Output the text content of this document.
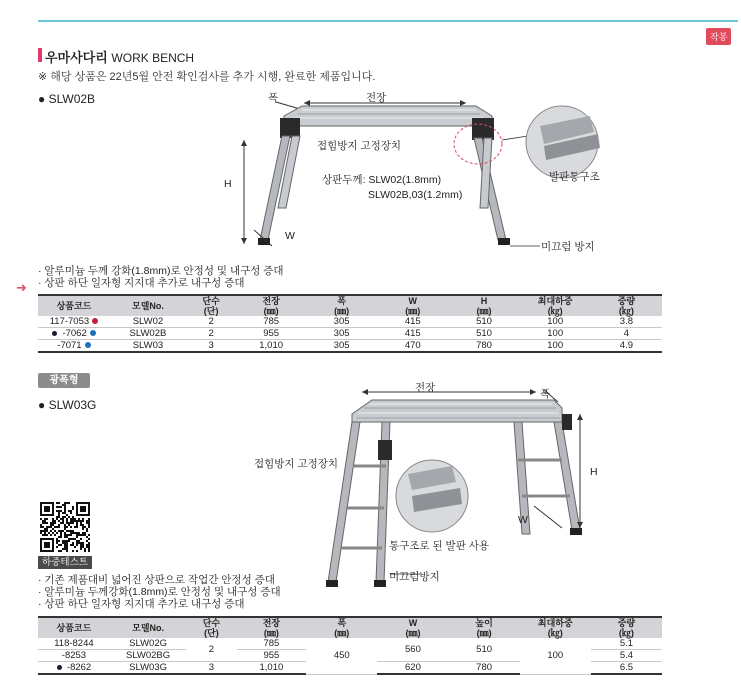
작봉
우마사다리 WORK BENCH
※ 해당 상품은 22년5월 안전 확인검사를 추가 시행, 완료한 제품입니다.
● SLW02B	폭	전장
H
W
접힘방지 고정장치
상판두께: SLW02(1.8mm)
SLW02B,03(1.2mm)
발판통구조
미끄럼 방지
➜
· 알루미늄 두께 강화(1.8mm)로 안정성 및 내구성 증대
· 상판 하단 일자형 지지대 추가로 내구성 증대
상품코드	모델No.	단수
(단)	전장
(㎜)	폭
(㎜)	W
(㎜)	H
(㎜)	최대하중
(㎏)	중량
(㎏)
117-7053	SLW02	2	785	305	415	510	100	3.8
-7062	SLW02B	2	955	305	415	510	100	4
-7071	SLW03	3	1,010	305	470	780	100	4.9
광폭형
● SLW03G
전장	폭
H
W
접힘방지 고정장치
통구조로 된 발판 사용
미끄럼방지
하중테스트
· 기존 제품대비 넓어진 상판으로 작업간 안정성 증대
· 알루미늄 두께강화(1.8mm)로 안정성 및 내구성 증대
· 상판 하단 일자형 지지대 추가로 내구성 증대
상품코드	모델No.	단수
(단)	전장
(㎜)	폭
(㎜)	W
(㎜)	높이
(㎜)	최대하중
(㎏)	중량
(㎏)
118-8244	SLW02G	2	785	450	560	510	100	5.1
-8253	SLW02BG		955					5.4
-8262	SLW03G	3	1,010		620	780		6.5
